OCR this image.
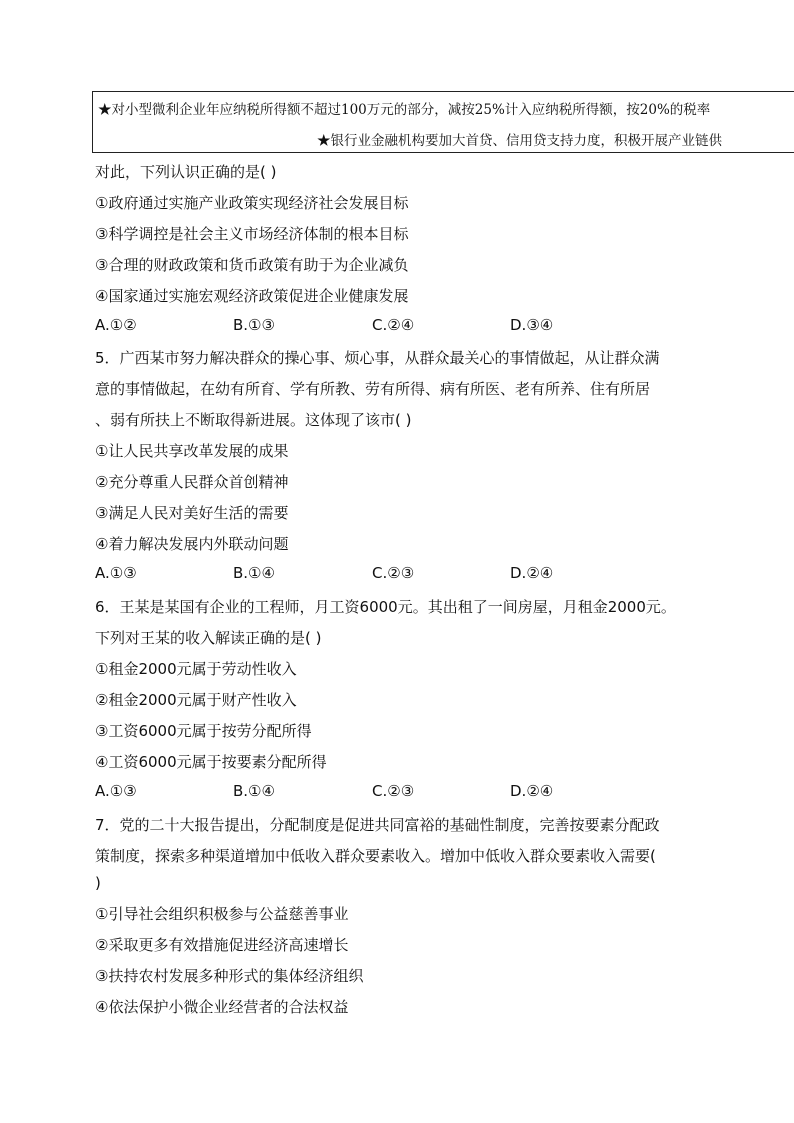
★对小型微利企业年应纳税所得额不超过100万元的部分，减按25%计入应纳税所得额，按20%的税率
★银行业金融机构要加大首贷、信用贷支持力度，积极开展产业链供
对此，下列认识正确的是( )
①政府通过实施产业政策实现经济社会发展目标
③科学调控是社会主义市场经济体制的根本目标
③合理的财政政策和货币政策有助于为企业减负
④国家通过实施宏观经济政策促进企业健康发展
A.①②	B.①③	C.②④	D.③④
5．广西某市努力解决群众的操心事、烦心事，从群众最关心的事情做起，从让群众满
意的事情做起，在幼有所育、学有所教、劳有所得、病有所医、老有所养、住有所居
、弱有所扶上不断取得新进展。这体现了该市( )
①让人民共享改革发展的成果
②充分尊重人民群众首创精神
③满足人民对美好生活的需要
④着力解决发展内外联动问题
A.①③	B.①④	C.②③	D.②④
6．王某是某国有企业的工程师，月工资6000元。其出租了一间房屋，月租金2000元。
下列对王某的收入解读正确的是( )
①租金2000元属于劳动性收入
②租金2000元属于财产性收入
③工资6000元属于按劳分配所得
④工资6000元属于按要素分配所得
A.①③	B.①④	C.②③	D.②④
7．党的二十大报告提出，分配制度是促进共同富裕的基础性制度，完善按要素分配政
策制度，探索多种渠道增加中低收入群众要素收入。增加中低收入群众要素收入需要(
)
①引导社会组织积极参与公益慈善事业
②采取更多有效措施促进经济高速增长
③扶持农村发展多种形式的集体经济组织
④依法保护小微企业经营者的合法权益
